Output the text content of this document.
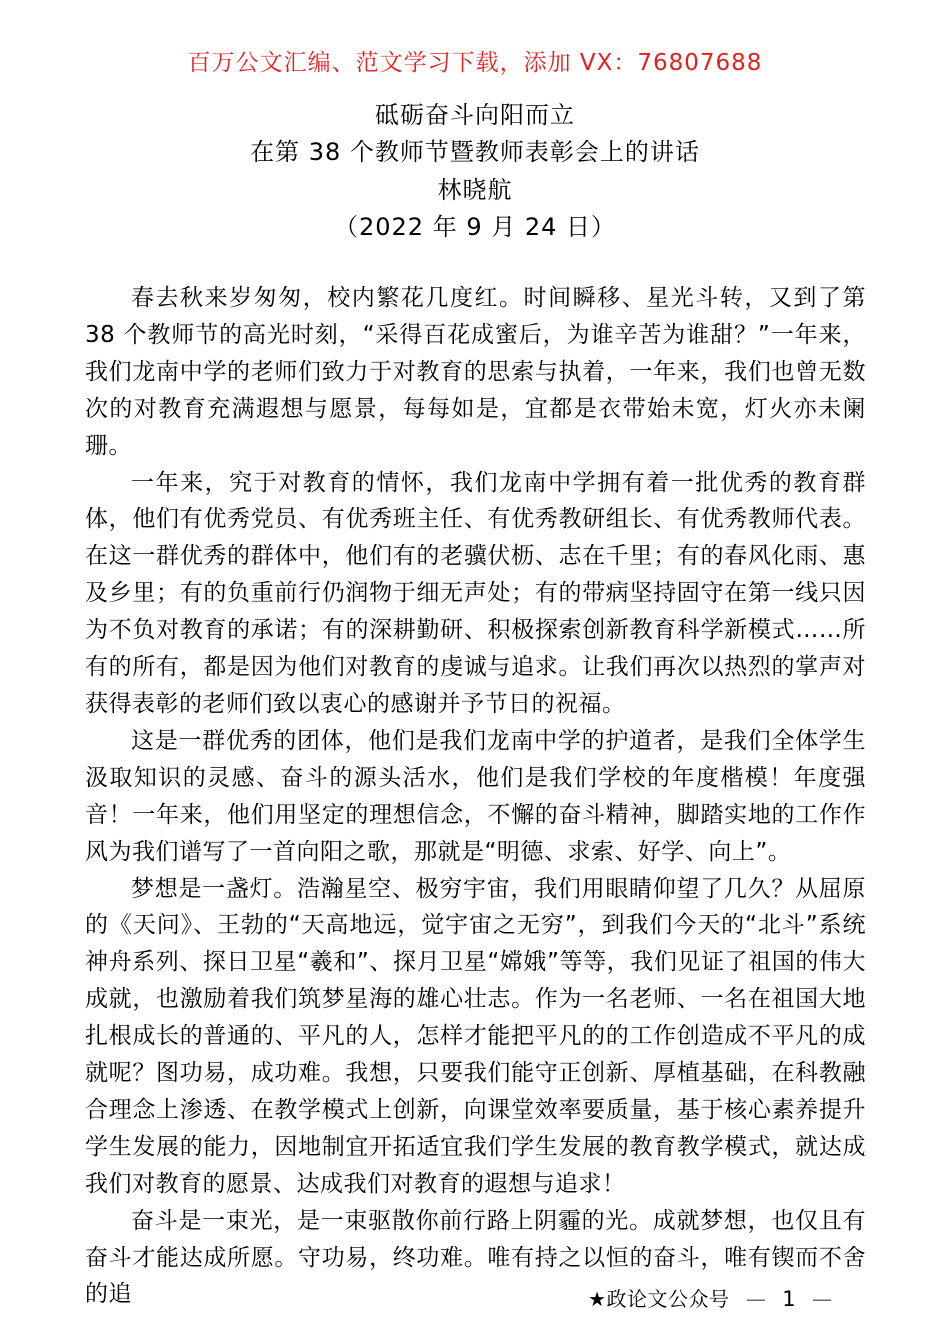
百万公文汇编、范文学习下载，添加 VX：76807688
砥砺奋斗向阳而立
在第 38 个教师节暨教师表彰会上的讲话
林晓航
（2022 年 9 月 24 日）

春去秋来岁匆匆，校内繁花几度红。时间瞬移、星光斗转，又到了第 38 个教师节的高光时刻，“采得百花成蜜后，为谁辛苦为谁甜？”一年来，我们龙南中学的老师们致力于对教育的思索与执着，一年来，我们也曾无数次的对教育充满遐想与愿景，每每如是，宜都是衣带始未宽，灯火亦未阑珊。

一年来，究于对教育的情怀，我们龙南中学拥有着一批优秀的教育群体，他们有优秀党员、有优秀班主任、有优秀教研组长、有优秀教师代表。在这一群优秀的群体中，他们有的老骥伏枥、志在千里；有的春风化雨、惠及乡里；有的负重前行仍润物于细无声处；有的带病坚持固守在第一线只因为不负对教育的承诺；有的深耕勤研、积极探索创新教育科学新模式……所有的所有，都是因为他们对教育的虔诚与追求。让我们再次以热烈的掌声对获得表彰的老师们致以衷心的感谢并予节日的祝福。

这是一群优秀的团体，他们是我们龙南中学的护道者，是我们全体学生汲取知识的灵感、奋斗的源头活水，他们是我们学校的年度楷模！年度强音！一年来，他们用坚定的理想信念，不懈的奋斗精神，脚踏实地的工作作风为我们谱写了一首向阳之歌，那就是“明德、求索、好学、向上”。

梦想是一盏灯。浩瀚星空、极穷宇宙，我们用眼睛仰望了几久？从屈原的《天问》、王勃的“天高地远，觉宇宙之无穷”，到我们今天的“北斗”系统神舟系列、探日卫星“羲和”、探月卫星“嫦娥”等等，我们见证了祖国的伟大成就，也激励着我们筑梦星海的雄心壮志。作为一名老师、一名在祖国大地扎根成长的普通的、平凡的人，怎样才能把平凡的的工作创造成不平凡的成就呢？图功易，成功难。我想，只要我们能守正创新、厚植基础，在科教融合理念上渗透、在教学模式上创新，向课堂效率要质量，基于核心素养提升学生发展的能力，因地制宜开拓适宜我们学生发展的教育教学模式，就达成我们对教育的愿景、达成我们对教育的遐想与追求！

奋斗是一束光，是一束驱散你前行路上阴霾的光。成就梦想，也仅且有奋斗才能达成所愿。守功易，终功难。唯有持之以恒的奋斗，唯有锲而不舍的追	★政论文公众号 — 1 —
